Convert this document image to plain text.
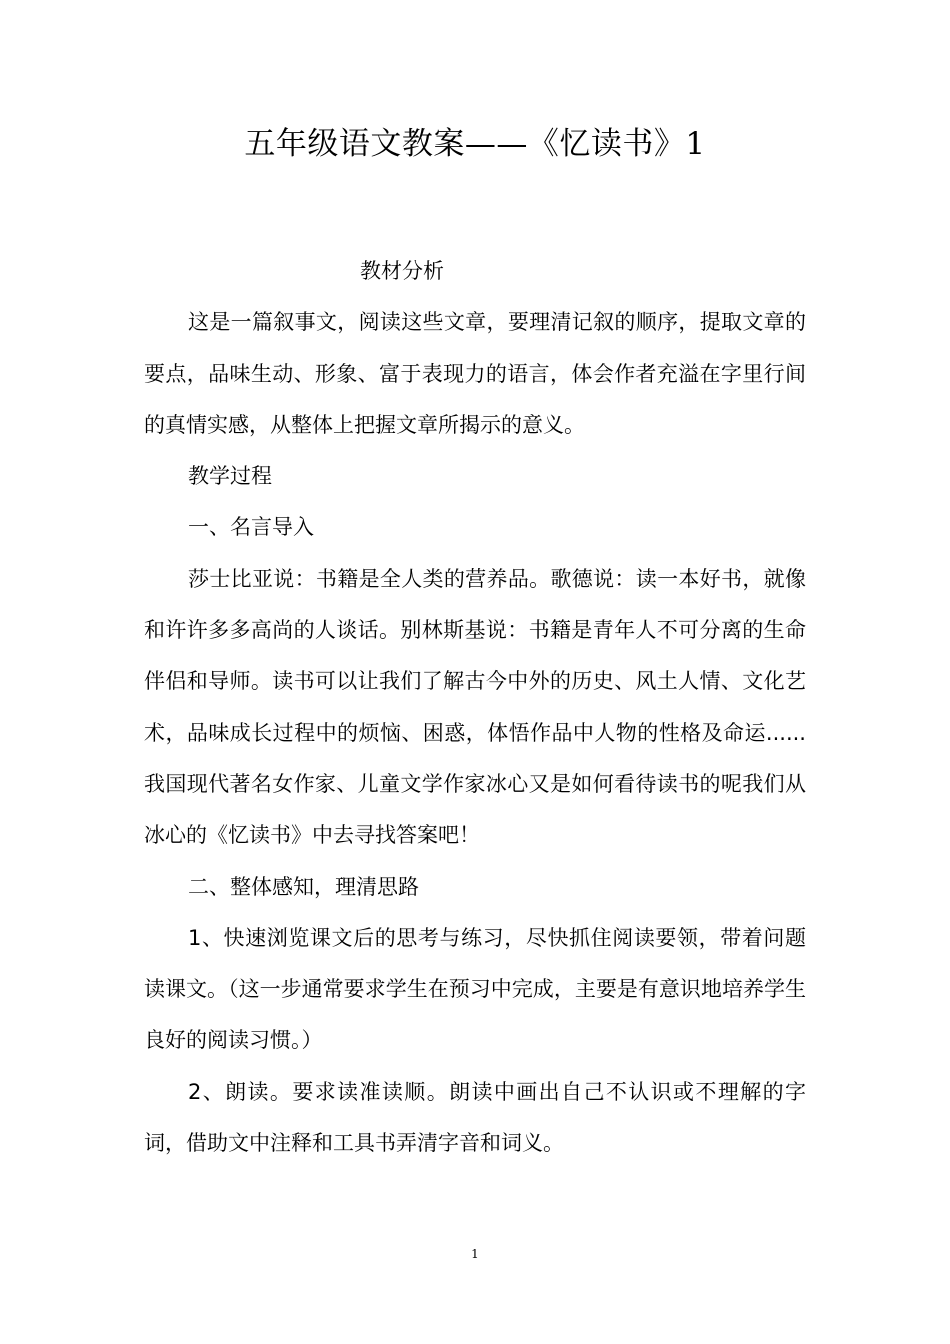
五年级语文教案——《忆读书》1

教材分析

这是一篇叙事文，阅读这些文章，要理清记叙的顺序，提取文章的要点，品味生动、形象、富于表现力的语言，体会作者充溢在字里行间的真情实感，从整体上把握文章所揭示的意义。

教学过程

一、名言导入

莎士比亚说：书籍是全人类的营养品。歌德说：读一本好书，就像和许许多多高尚的人谈话。别林斯基说：书籍是青年人不可分离的生命伴侣和导师。读书可以让我们了解古今中外的历史、风土人情、文化艺术，品味成长过程中的烦恼、困惑，体悟作品中人物的性格及命运......我国现代著名女作家、儿童文学作家冰心又是如何看待读书的呢我们从冰心的《忆读书》中去寻找答案吧！

二、整体感知，理清思路

1、快速浏览课文后的思考与练习，尽快抓住阅读要领，带着问题读课文。（这一步通常要求学生在预习中完成，主要是有意识地培养学生良好的阅读习惯。）

2、朗读。要求读准读顺。朗读中画出自己不认识或不理解的字词，借助文中注释和工具书弄清字音和词义。

1
